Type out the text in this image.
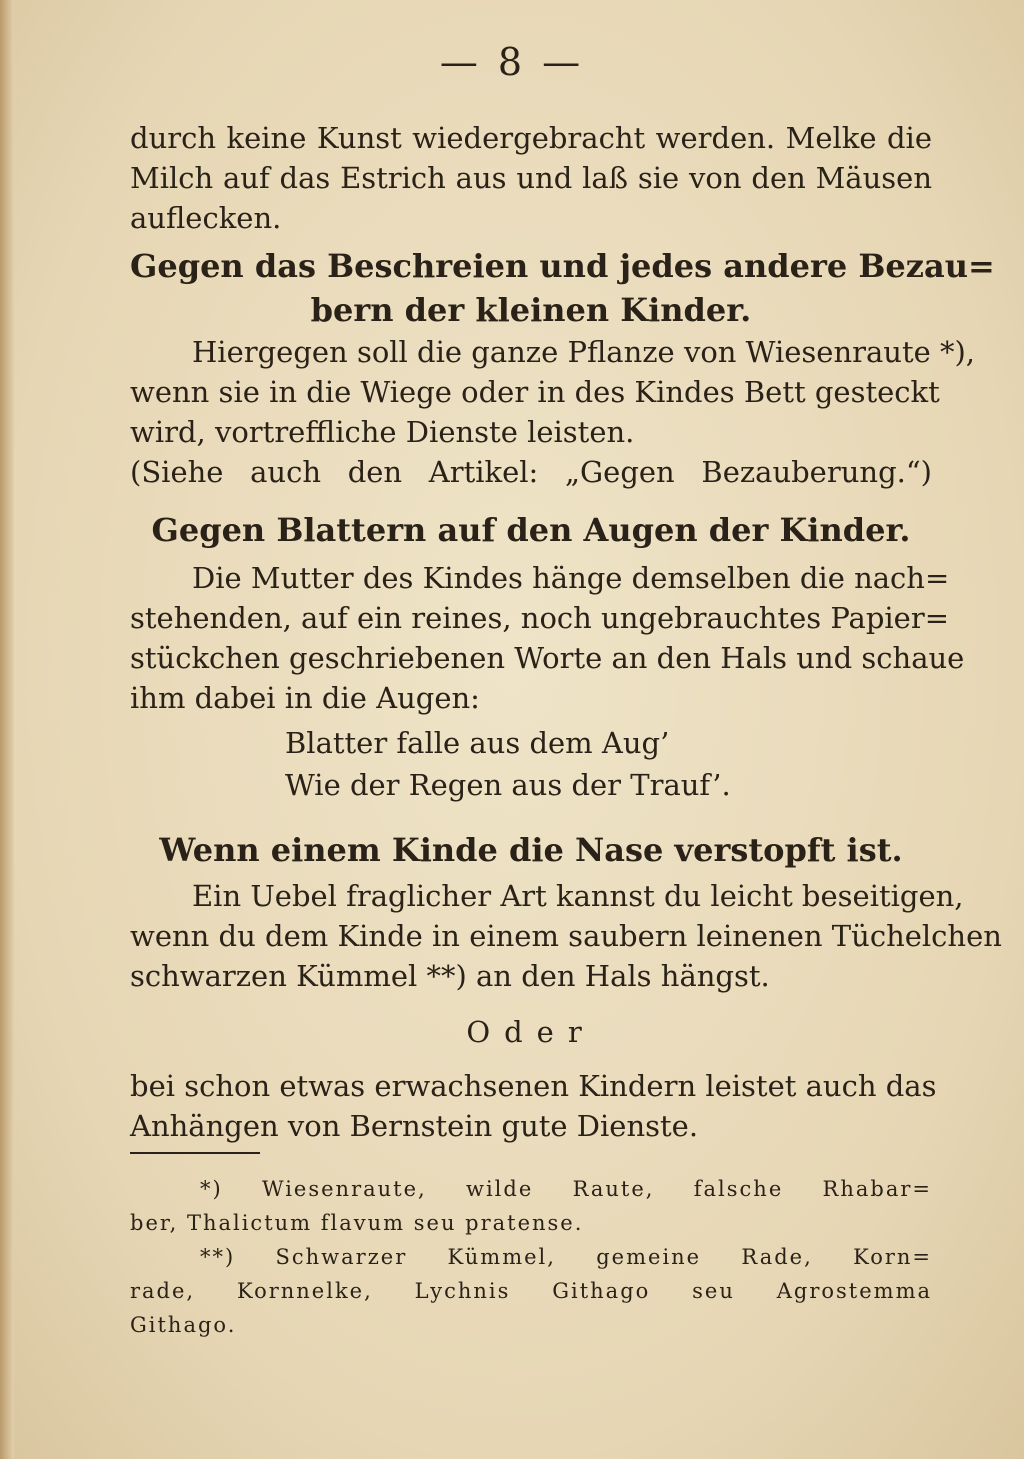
— 8 —
durch keine Kunst wiedergebracht werden. Melke die
Milch auf das Estrich aus und laß sie von den Mäusen
auflecken.
Gegen das Beschreien und jedes andere Bezau=
bern der kleinen Kinder.
Hiergegen soll die ganze Pflanze von Wiesenraute *),
wenn sie in die Wiege oder in des Kindes Bett gesteckt
wird, vortreffliche Dienste leisten.
(Siehe auch den Artikel: „Gegen Bezauberung.“)
Gegen Blattern auf den Augen der Kinder.
Die Mutter des Kindes hänge demselben die nach=
stehenden, auf ein reines, noch ungebrauchtes Papier=
stückchen geschriebenen Worte an den Hals und schaue
ihm dabei in die Augen:
Blatter falle aus dem Aug’
Wie der Regen aus der Trauf’.
Wenn einem Kinde die Nase verstopft ist.
Ein Uebel fraglicher Art kannst du leicht beseitigen,
wenn du dem Kinde in einem saubern leinenen Tüchelchen
schwarzen Kümmel **) an den Hals hängst.
Oder
bei schon etwas erwachsenen Kindern leistet auch das
Anhängen von Bernstein gute Dienste.
*) Wiesenraute, wilde Raute, falsche Rhabar=
ber, Thalictum flavum seu pratense.
**) Schwarzer Kümmel, gemeine Rade, Korn=
rade, Kornnelke, Lychnis Githago seu Agrostemma
Githago.
